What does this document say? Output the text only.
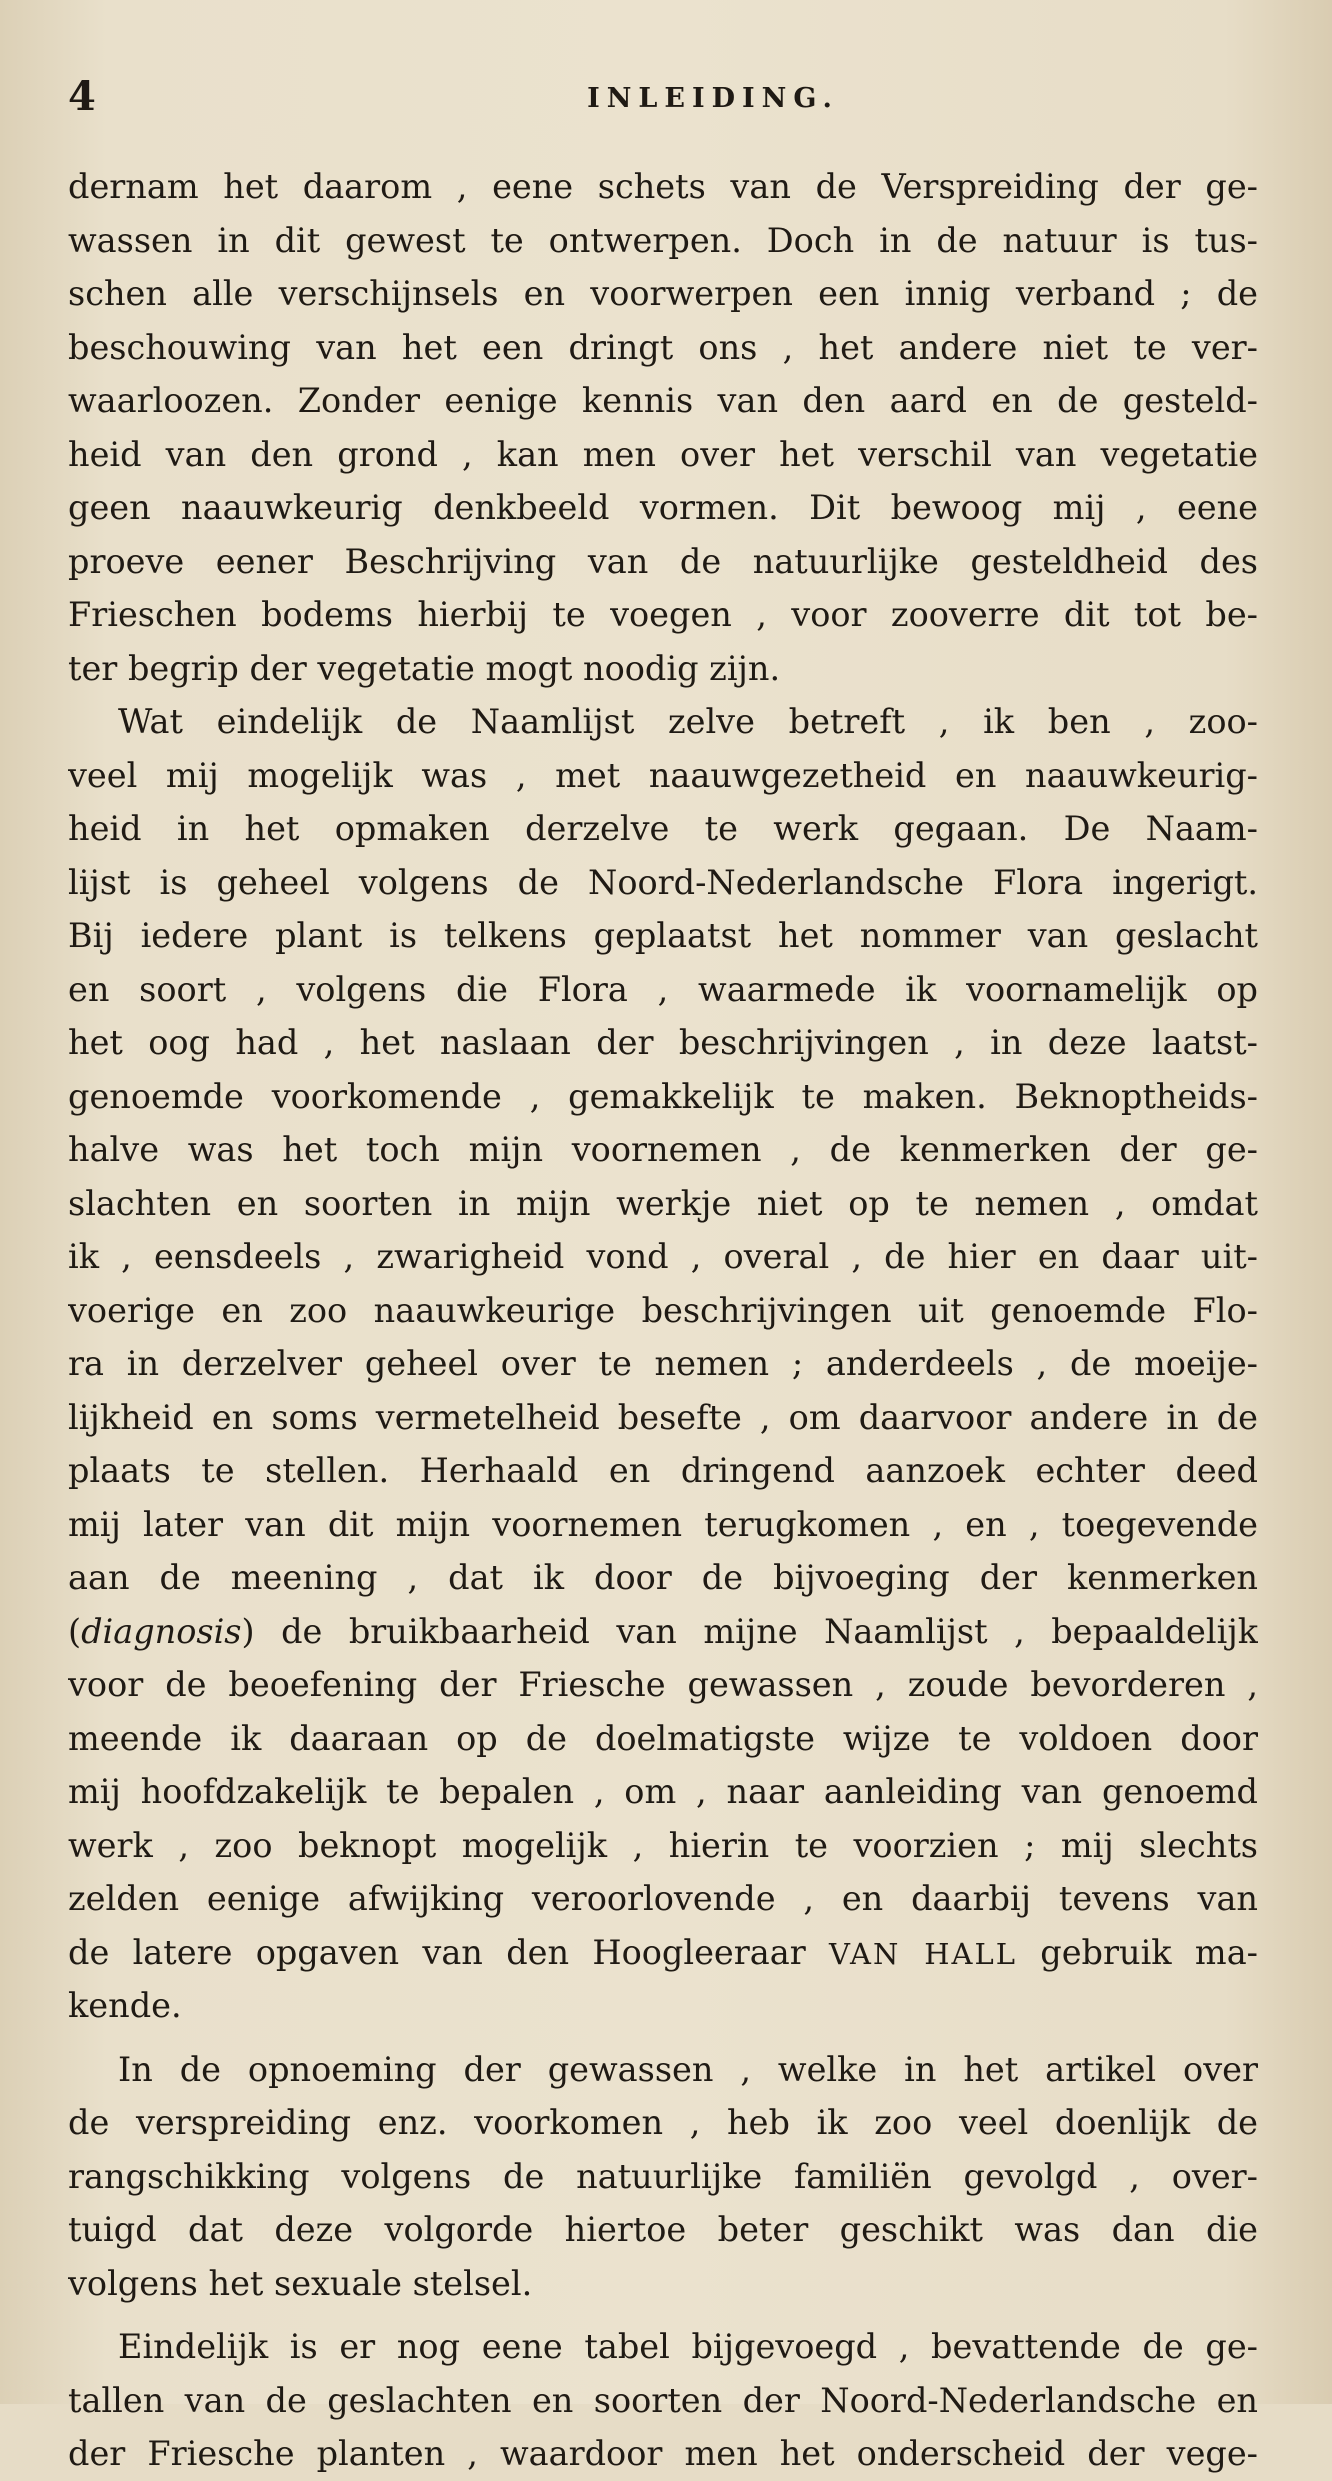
4	INLEIDING.
dernam het daarom , eene schets van de Verspreiding der ge-
wassen in dit gewest te ontwerpen. Doch in de natuur is tus-
schen alle verschijnsels en voorwerpen een innig verband ; de
beschouwing van het een dringt ons , het andere niet te ver-
waarloozen. Zonder eenige kennis van den aard en de gesteld-
heid van den grond , kan men over het verschil van vegetatie
geen naauwkeurig denkbeeld vormen. Dit bewoog mij , eene
proeve eener Beschrijving van de natuurlijke gesteldheid des
Frieschen bodems hierbij te voegen , voor zooverre dit tot be-
ter begrip der vegetatie mogt noodig zijn.
Wat eindelijk de Naamlijst zelve betreft , ik ben , zoo-
veel mij mogelijk was , met naauwgezetheid en naauwkeurig-
heid in het opmaken derzelve te werk gegaan. De Naam-
lijst is geheel volgens de Noord-Nederlandsche Flora ingerigt.
Bij iedere plant is telkens geplaatst het nommer van geslacht
en soort , volgens die Flora , waarmede ik voornamelijk op
het oog had , het naslaan der beschrijvingen , in deze laatst-
genoemde voorkomende , gemakkelijk te maken. Beknoptheids-
halve was het toch mijn voornemen , de kenmerken der ge-
slachten en soorten in mijn werkje niet op te nemen , omdat
ik , eensdeels , zwarigheid vond , overal , de hier en daar uit-
voerige en zoo naauwkeurige beschrijvingen uit genoemde Flo-
ra in derzelver geheel over te nemen ; anderdeels , de moeije-
lijkheid en soms vermetelheid besefte , om daarvoor andere in de
plaats te stellen. Herhaald en dringend aanzoek echter deed
mij later van dit mijn voornemen terugkomen , en , toegevende
aan de meening , dat ik door de bijvoeging der kenmerken
(diagnosis) de bruikbaarheid van mijne Naamlijst , bepaaldelijk
voor de beoefening der Friesche gewassen , zoude bevorderen ,
meende ik daaraan op de doelmatigste wijze te voldoen door
mij hoofdzakelijk te bepalen , om , naar aanleiding van genoemd
werk , zoo beknopt mogelijk , hierin te voorzien ; mij slechts
zelden eenige afwijking veroorlovende , en daarbij tevens van
de latere opgaven van den Hoogleeraar VAN HALL gebruik ma-
kende.
In de opnoeming der gewassen , welke in het artikel over
de verspreiding enz. voorkomen , heb ik zoo veel doenlijk de
rangschikking volgens de natuurlijke familiën gevolgd , over-
tuigd dat deze volgorde hiertoe beter geschikt was dan die
volgens het sexuale stelsel.
Eindelijk is er nog eene tabel bijgevoegd , bevattende de ge-
tallen van de geslachten en soorten der Noord-Nederlandsche en
der Friesche planten , waardoor men het onderscheid der vege-
